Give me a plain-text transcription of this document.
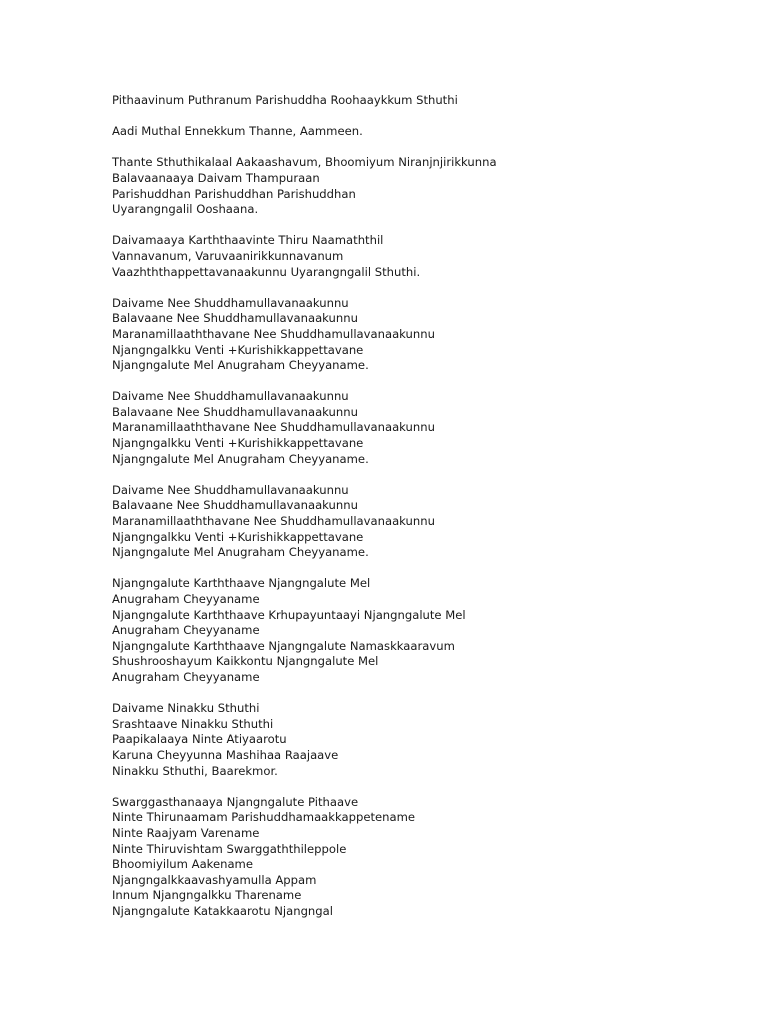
Pithaavinum Puthranum Parishuddha Roohaaykkum Sthuthi
Aadi Muthal Ennekkum Thanne, Aammeen.
Thante Sthuthikalaal Aakaashavum, Bhoomiyum Niranjnjirikkunna
Balavaanaaya Daivam Thampuraan
Parishuddhan Parishuddhan Parishuddhan
Uyarangngalil Ooshaana.
Daivamaaya Karththaavinte Thiru Naamaththil
Vannavanum, Varuvaanirikkunnavanum
Vaazhththappettavanaakunnu Uyarangngalil Sthuthi.
Daivame Nee Shuddhamullavanaakunnu
Balavaane Nee Shuddhamullavanaakunnu
Maranamillaaththavane Nee Shuddhamullavanaakunnu
Njangngalkku Venti +Kurishikkappettavane
Njangngalute Mel Anugraham Cheyyaname.
Daivame Nee Shuddhamullavanaakunnu
Balavaane Nee Shuddhamullavanaakunnu
Maranamillaaththavane Nee Shuddhamullavanaakunnu
Njangngalkku Venti +Kurishikkappettavane
Njangngalute Mel Anugraham Cheyyaname.
Daivame Nee Shuddhamullavanaakunnu
Balavaane Nee Shuddhamullavanaakunnu
Maranamillaaththavane Nee Shuddhamullavanaakunnu
Njangngalkku Venti +Kurishikkappettavane
Njangngalute Mel Anugraham Cheyyaname.
Njangngalute Karththaave Njangngalute Mel
Anugraham Cheyyaname
Njangngalute Karththaave Krhupayuntaayi Njangngalute Mel
Anugraham Cheyyaname
Njangngalute Karththaave Njangngalute Namaskkaaravum
Shushrooshayum Kaikkontu Njangngalute Mel
Anugraham Cheyyaname
Daivame Ninakku Sthuthi
Srashtaave Ninakku Sthuthi
Paapikalaaya Ninte Atiyaarotu
Karuna Cheyyunna Mashihaa Raajaave
Ninakku Sthuthi, Baarekmor.
Swarggasthanaaya Njangngalute Pithaave
Ninte Thirunaamam Parishuddhamaakkappetename
Ninte Raajyam Varename
Ninte Thiruvishtam Swarggaththileppole
Bhoomiyilum Aakename
Njangngalkkaavashyamulla Appam
Innum Njangngalkku Tharename
Njangngalute Katakkaarotu Njangngal
